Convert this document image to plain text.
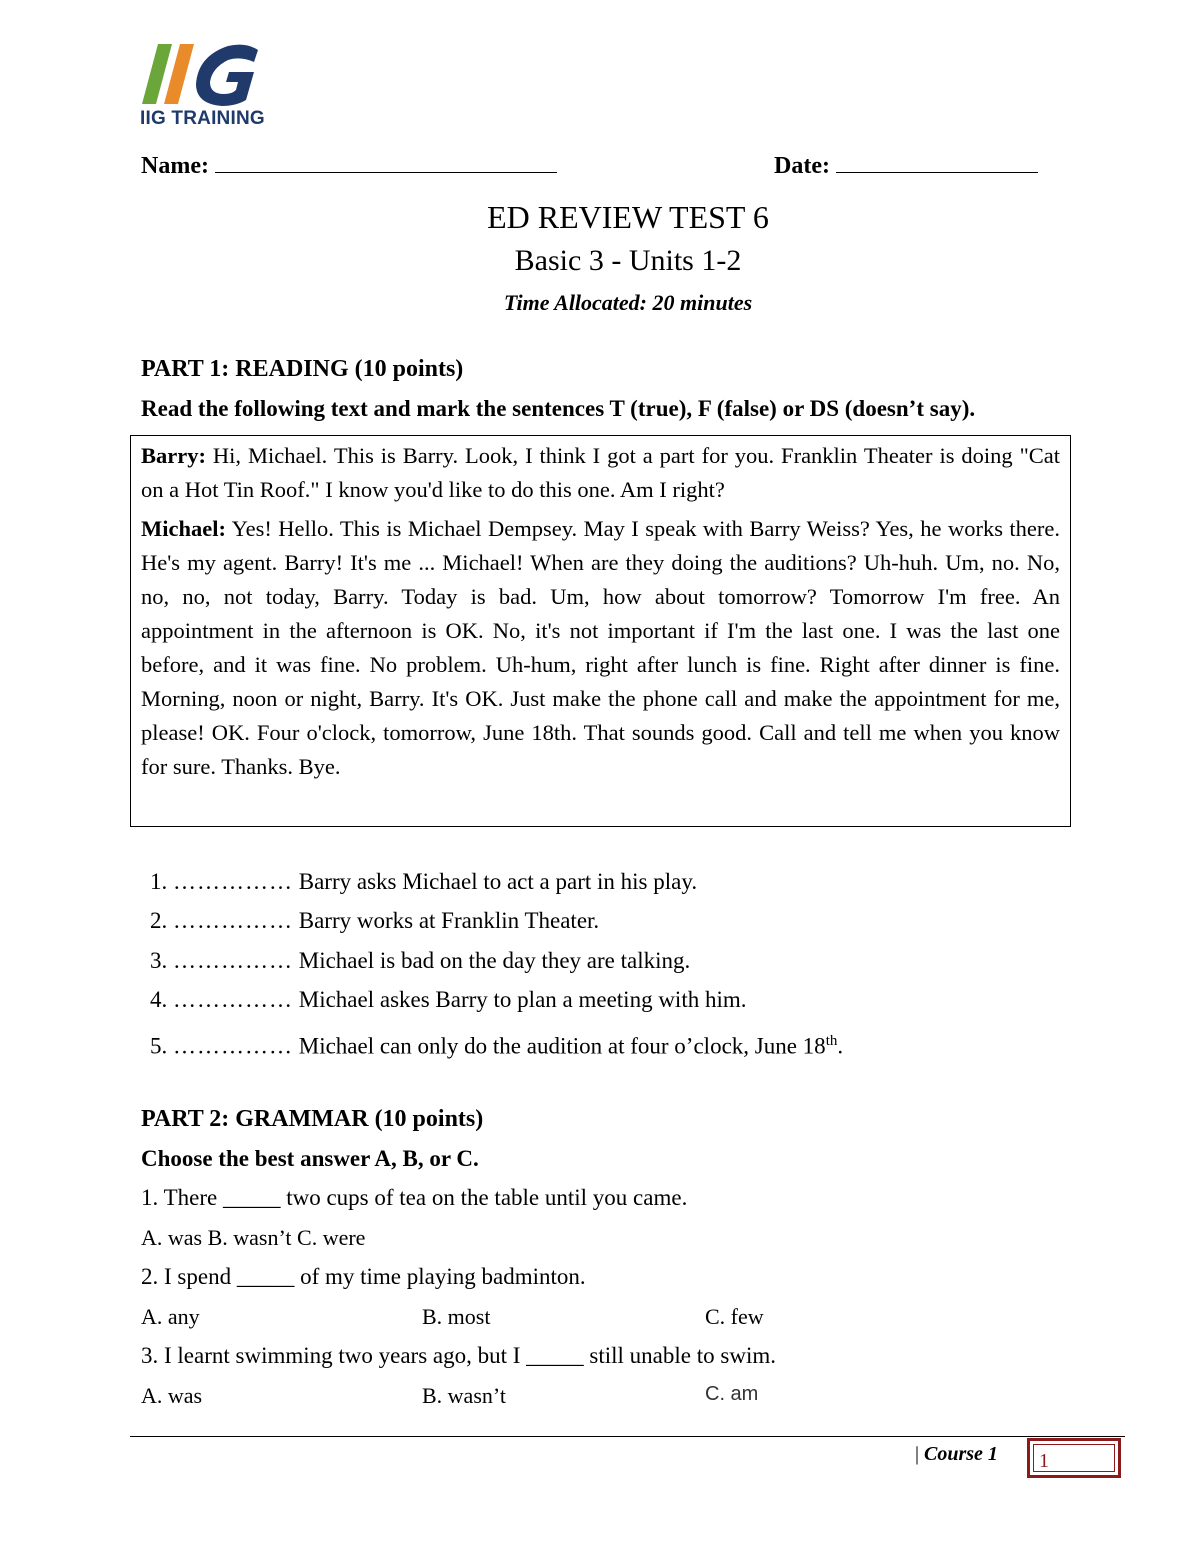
IIG TRAINING
Name:	Date:
ED REVIEW TEST 6
Basic 3 - Units 1-2
Time Allocated: 20 minutes
PART 1: READING (10 points)
Read the following text and mark the sentences T (true), F (false) or DS (doesn’t say).
Barry: Hi, Michael. This is Barry. Look, I think I got a part for you. Franklin Theater is doing "Cat on a Hot Tin Roof." I know you'd like to do this one. Am I right?
Michael: Yes! Hello. This is Michael Dempsey. May I speak with Barry Weiss? Yes, he works there. He's my agent. Barry! It's me ... Michael! When are they doing the auditions? Uh-huh. Um, no. No, no, no, not today, Barry. Today is bad. Um, how about tomorrow? Tomorrow I'm free. An appointment in the afternoon is OK. No, it's not important if I'm the last one. I was the last one before, and it was fine. No problem. Uh-hum, right after lunch is fine. Right after dinner is fine. Morning, noon or night, Barry. It's OK. Just make the phone call and make the appointment for me, please! OK. Four o'clock, tomorrow, June 18th. That sounds good. Call and tell me when you know for sure. Thanks. Bye.
1. …………… Barry asks Michael to act a part in his play.
2. …………… Barry works at Franklin Theater.
3. …………… Michael is bad on the day they are talking.
4. …………… Michael askes Barry to plan a meeting with him.
5. …………… Michael can only do the audition at four o’clock, June 18th.
PART 2: GRAMMAR (10 points)
Choose the best answer A, B, or C.
1. There _____ two cups of tea on the table until you came.
A. was B. wasn’t C. were
2. I spend _____ of my time playing badminton.
A. any	B. most	C. few
3. I learnt swimming two years ago, but I _____ still unable to swim.
A. was	B. wasn’t	C. am
| Course 1 1
